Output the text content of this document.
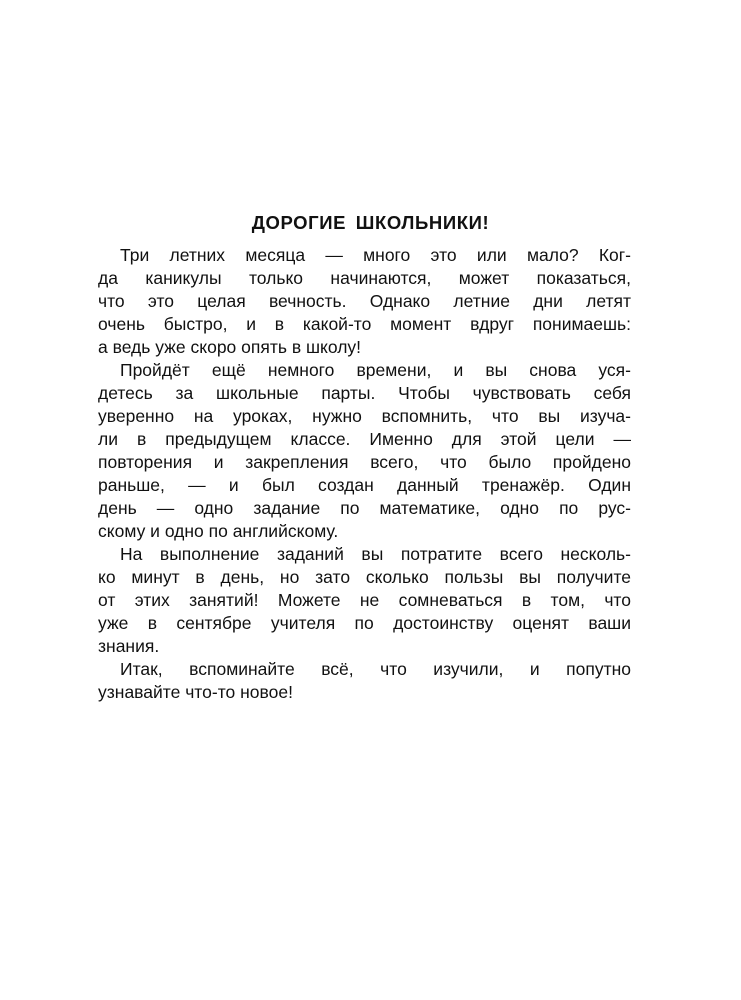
ДОРОГИЕ ШКОЛЬНИКИ!

Три летних месяца — много это или мало? Ког-
да каникулы только начинаются, может показаться,
что это целая вечность. Однако летние дни летят
очень быстро, и в какой-то момент вдруг понимаешь:
а ведь уже скоро опять в школу!

Пройдёт ещё немного времени, и вы снова уся-
детесь за школьные парты. Чтобы чувствовать себя
уверенно на уроках, нужно вспомнить, что вы изуча-
ли в предыдущем классе. Именно для этой цели —
повторения и закрепления всего, что было пройдено
раньше, — и был создан данный тренажёр. Один
день — одно задание по математике, одно по рус-
скому и одно по английскому.

На выполнение заданий вы потратите всего несколь-
ко минут в день, но зато сколько пользы вы получите
от этих занятий! Можете не сомневаться в том, что
уже в сентябре учителя по достоинству оценят ваши
знания.

Итак, вспоминайте всё, что изучили, и попутно
узнавайте что-то новое!
